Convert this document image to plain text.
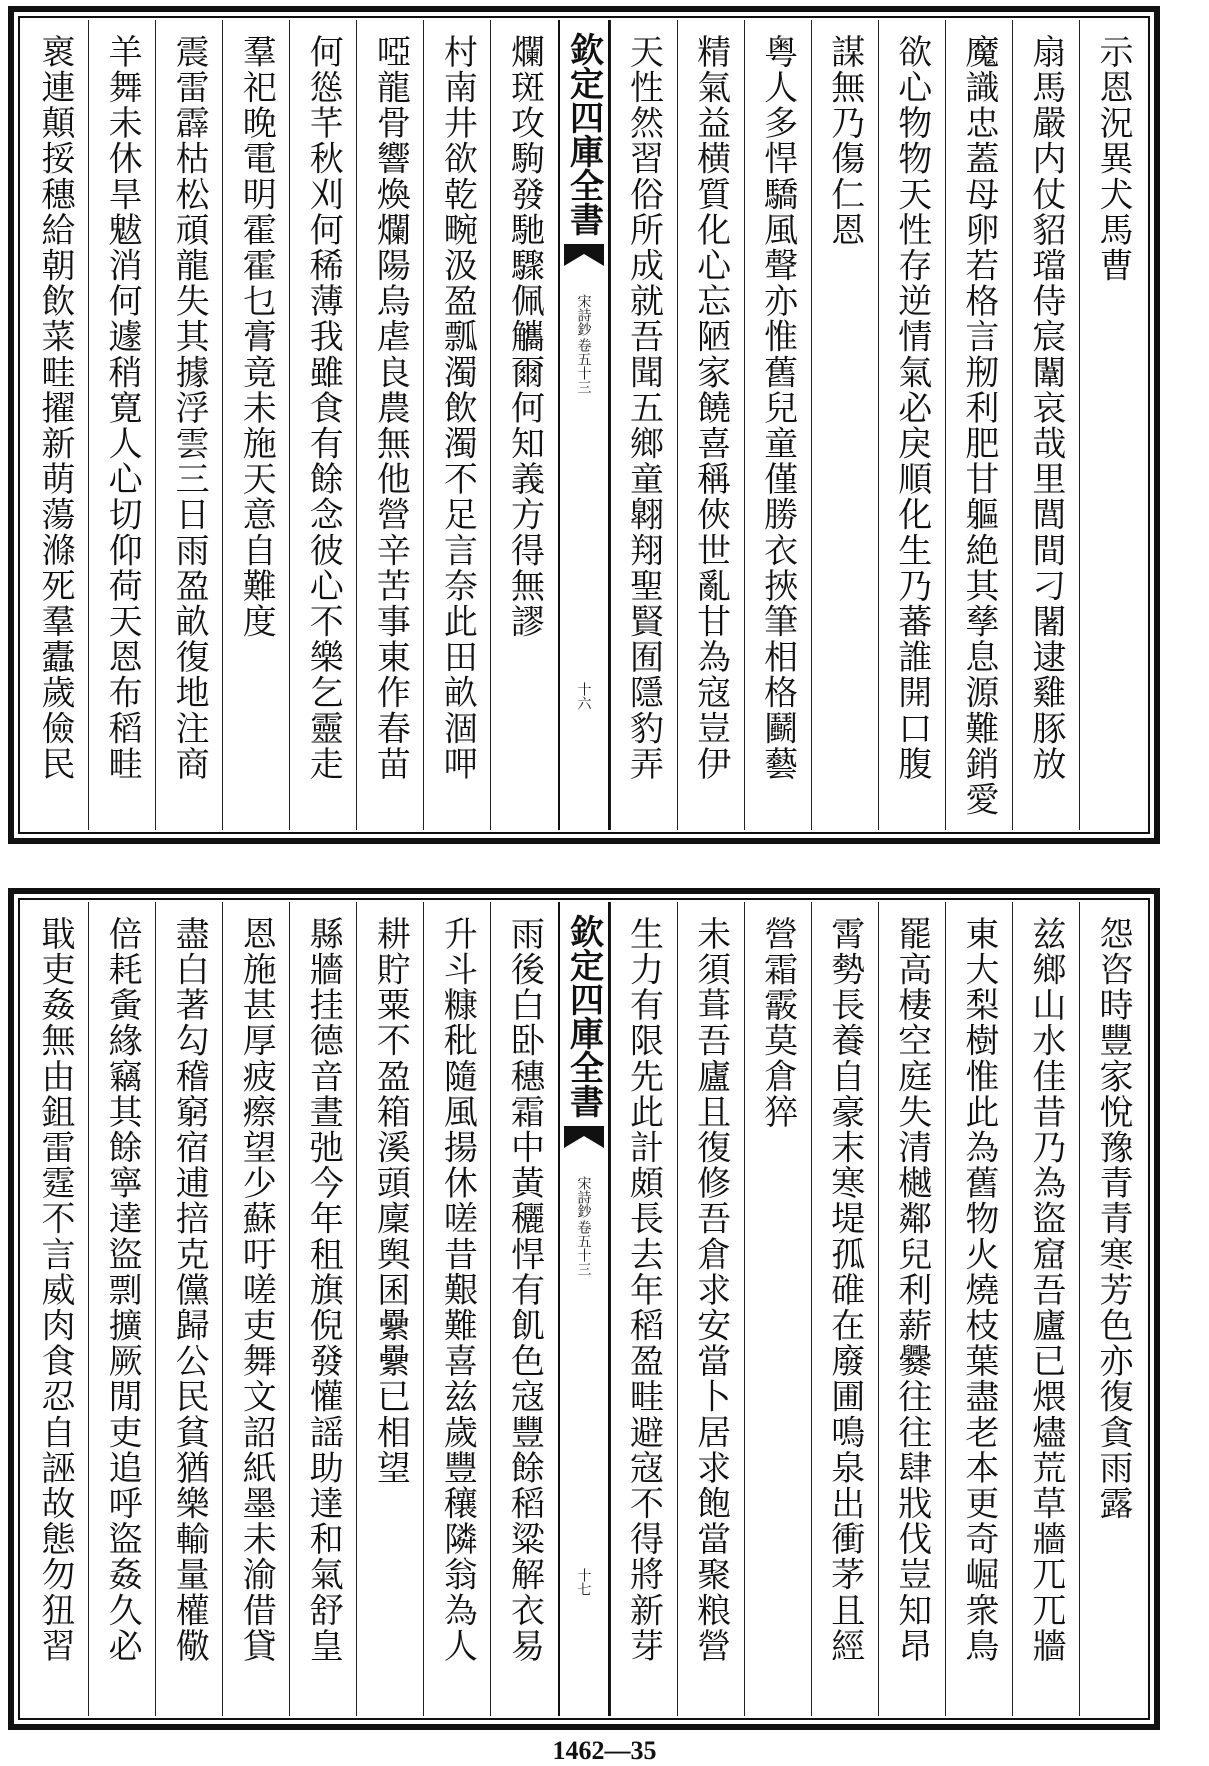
示恩況異犬馬曹
扇馬嚴内仗貂璫侍宸闈哀哉里閭間刁闍逮雞豚放
魔識忠蓋母卵若格言剏利肥甘軀絶其孳息源難銷愛
欲心物物天性存逆情氣必戾順化生乃蕃誰開口腹
謀無乃傷仁恩
粤人多悍驕風聲亦惟舊兒童僅勝衣挾筆相格鬬藝
精氣益横質化心忘陋家饒喜稱俠世亂甘為寇豈伊
天性然習俗所成就吾聞五鄉童翺翔聖賢囿隱豹弄
欽定四庫全書
宋詩鈔
卷五十三
十六
爛斑攻駒發馳驟佩觿爾何知義方得無謬
村南井欲乾畹汲盈瓢濁飲濁不足言奈此田畝涸呷
啞龍骨響煥爛陽烏虐良農無他營辛苦事東作春苗
何慫芊秋刈何稀薄我雖食有餘念彼心不樂乞靈走
羣祀晚電明霍霍乜膏竟未施天意自難度
震雷霹枯松頑龍失其據浮雲三日雨盈畝復地注商
羊舞未休旱魃消何遽稍寛人心切仰荷天恩布稻畦
褱連顛挼穗給朝飲菜畦擢新萌蕩滌死羣蠹歲儉民
怨咨時豐家悅豫青青寒芳色亦復貪雨露
兹鄉山水佳昔乃為盜窟吾廬已煨燼荒草牆兀兀牆
東大梨樹惟此為舊物火燒枝葉盡老本更奇崛衆鳥
罷高棲空庭失清樾鄰兒利薪爨往往肆戕伐豈知昂
霄勢長養自豪末寒堤孤碓在廢圃鳴泉出衝茅且經
營霜霰莫倉猝
未須葺吾廬且復修吾倉求安當卜居求飽當聚粮營
生力有限先此計頗長去年稻盈畦避寇不得將新芽
欽定四庫全書
宋詩鈔
卷五十三
十七
雨後白卧穗霜中黃穲悍有飢色寇豐餘稻粱解衣易
升斗糠秕隨風揚休嗟昔艱難喜兹歲豐穰隣翁為人
耕貯粟不盈箱溪頭廩舆囷纍纍已相望
縣牆挂德音晝弛今年租旗倪發懽謡助達和氣舒皇
恩施甚厚疲瘵望少蘇吁嗟吏舞文詔紙墨未渝借貸
盡白著勾稽窮宿逋掊克儻歸公民貧猶樂輸量權儆
倍耗夤緣竊其餘寧達盜剽擴厥閒吏追呼盜姦久必
戢吏姦無由鉏雷霆不言威肉食忍自誣故態勿狃習
1462—35
